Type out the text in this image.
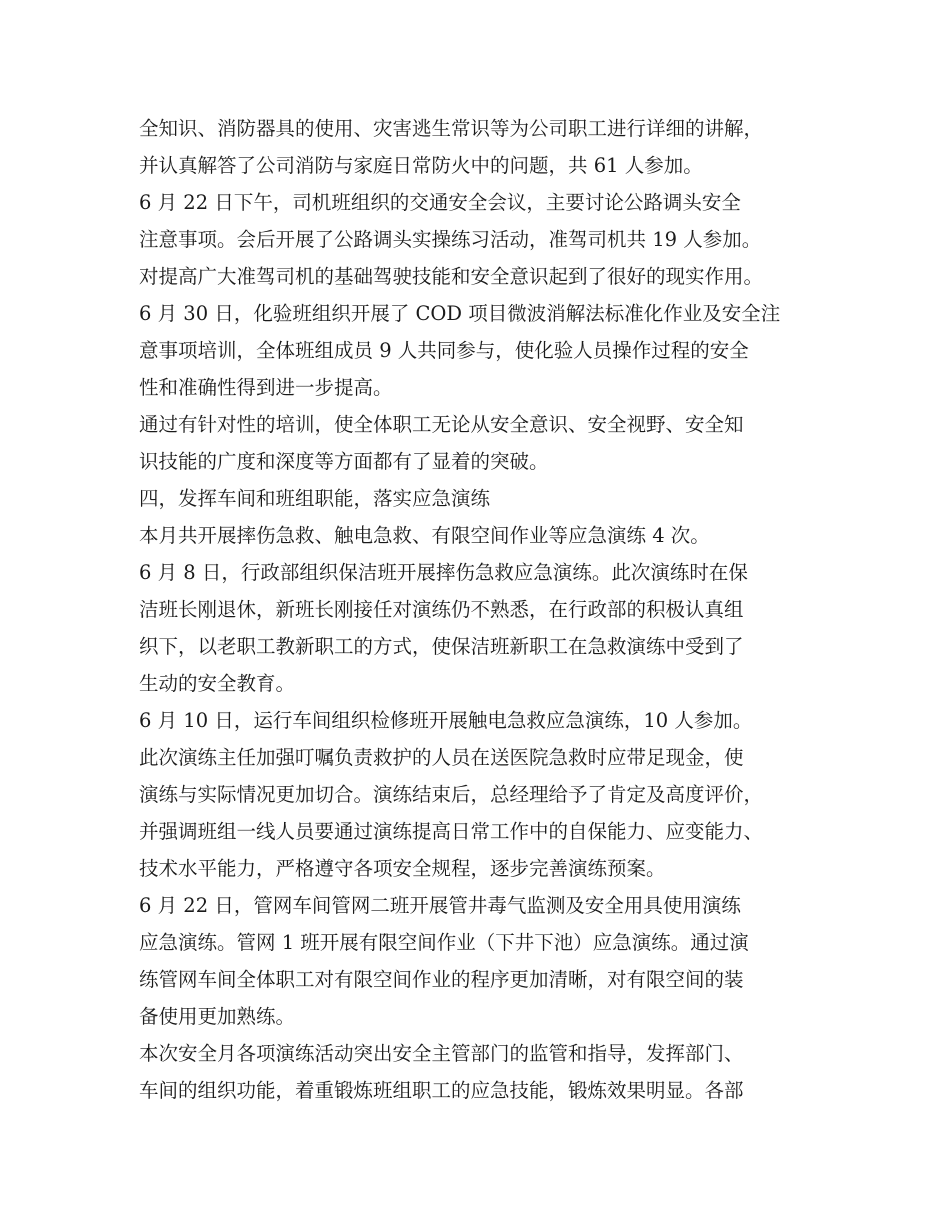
全知识、消防器具的使用、灾害逃生常识等为公司职工进行详细的讲解，
并认真解答了公司消防与家庭日常防火中的问题，共 61 人参加。
6 月 22 日下午，司机班组织的交通安全会议，主要讨论公路调头安全
注意事项。会后开展了公路调头实操练习活动，准驾司机共 19 人参加。
对提高广大准驾司机的基础驾驶技能和安全意识起到了很好的现实作用。
6 月 30 日，化验班组织开展了 COD 项目微波消解法标准化作业及安全注
意事项培训，全体班组成员 9 人共同参与，使化验人员操作过程的安全
性和准确性得到进一步提高。
通过有针对性的培训，使全体职工无论从安全意识、安全视野、安全知
识技能的广度和深度等方面都有了显着的突破。
四，发挥车间和班组职能，落实应急演练
本月共开展摔伤急救、触电急救、有限空间作业等应急演练 4 次。
6 月 8 日，行政部组织保洁班开展摔伤急救应急演练。此次演练时在保
洁班长刚退休，新班长刚接任对演练仍不熟悉，在行政部的积极认真组
织下，以老职工教新职工的方式，使保洁班新职工在急救演练中受到了
生动的安全教育。
6 月 10 日，运行车间组织检修班开展触电急救应急演练，10 人参加。
此次演练主任加强叮嘱负责救护的人员在送医院急救时应带足现金，使
演练与实际情况更加切合。演练结束后，总经理给予了肯定及高度评价，
并强调班组一线人员要通过演练提高日常工作中的自保能力、应变能力、
技术水平能力，严格遵守各项安全规程，逐步完善演练预案。
6 月 22 日，管网车间管网二班开展管井毒气监测及安全用具使用演练
应急演练。管网 1 班开展有限空间作业（下井下池）应急演练。通过演
练管网车间全体职工对有限空间作业的程序更加清晰，对有限空间的装
备使用更加熟练。
本次安全月各项演练活动突出安全主管部门的监管和指导，发挥部门、
车间的组织功能，着重锻炼班组职工的应急技能，锻炼效果明显。各部
